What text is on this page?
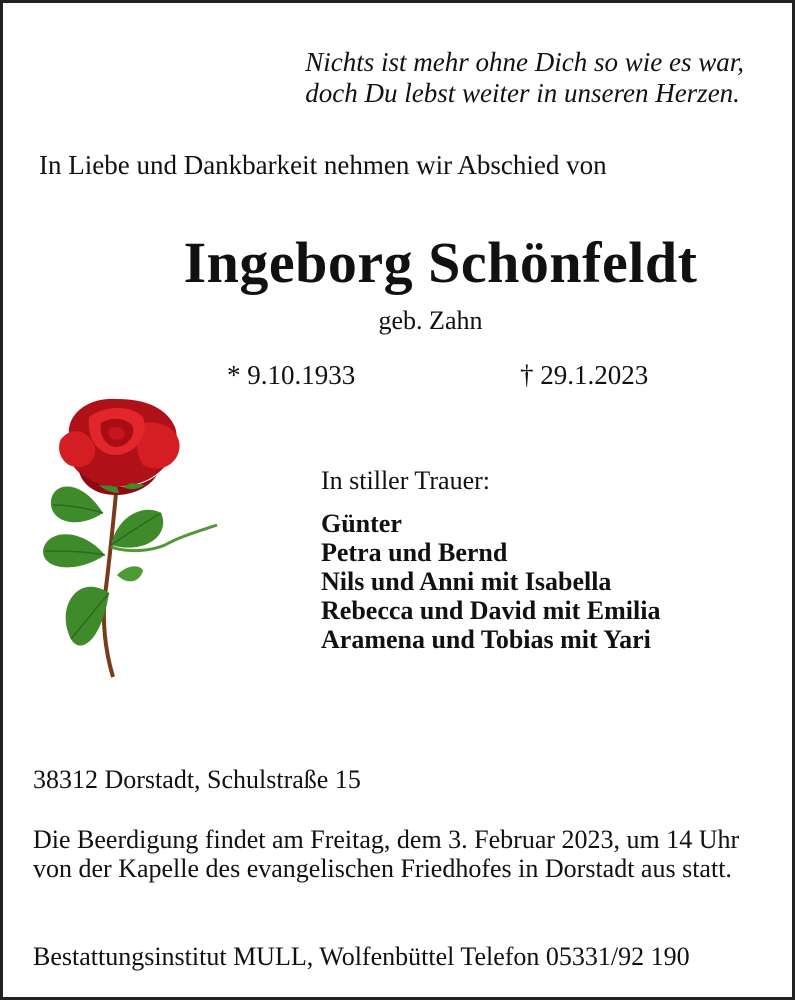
Nichts ist mehr ohne Dich so wie es war,
doch Du lebst weiter in unseren Herzen.
In Liebe und Dankbarkeit nehmen wir Abschied von
Ingeborg Schönfeldt
geb. Zahn
* 9.10.1933	† 29.1.2023
In stiller Trauer:
Günter
Petra und Bernd
Nils und Anni mit Isabella
Rebecca und David mit Emilia
Aramena und Tobias mit Yari
38312 Dorstadt, Schulstraße 15
Die Beerdigung findet am Freitag, dem 3. Februar 2023, um 14 Uhr von der Kapelle des evangelischen Friedhofes in Dorstadt aus statt.
Bestattungsinstitut MULL, Wolfenbüttel Telefon 05331/92 190
